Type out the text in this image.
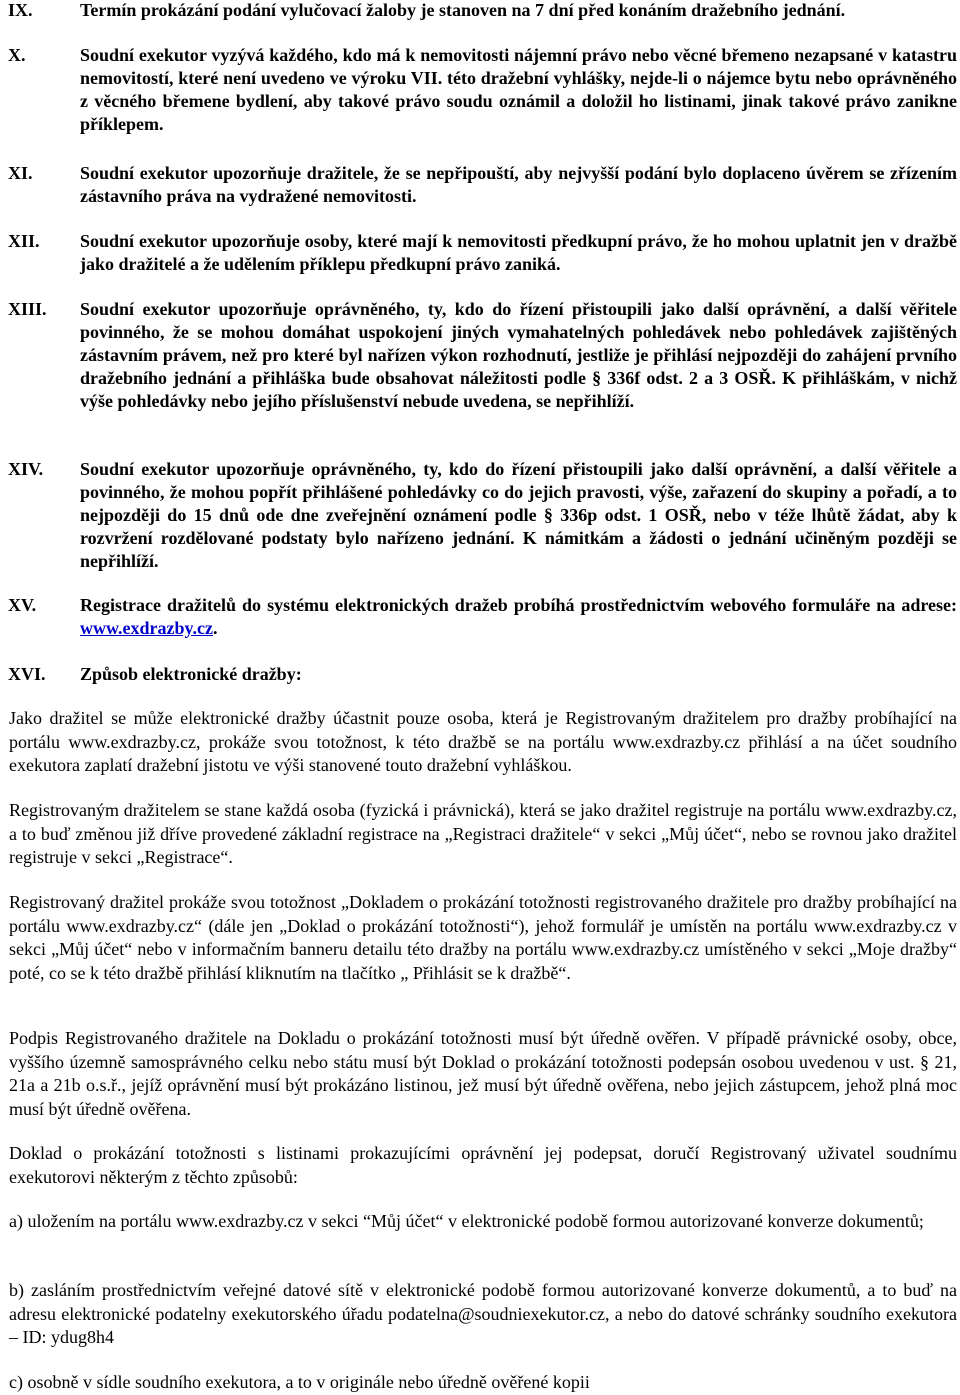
IX.	Termín prokázání podání vylučovací žaloby je stanoven na 7 dní před konáním dražebního jednání.
X.	Soudní exekutor vyzývá každého, kdo má k nemovitosti nájemní právo nebo věcné břemeno nezapsané v katastru nemovitostí, které není uvedeno ve výroku VII. této dražební vyhlášky, nejde-li o nájemce bytu nebo oprávněného z věcného břemene bydlení, aby takové právo soudu oznámil a doložil ho listinami, jinak takové právo zanikne příklepem.
XI.	Soudní exekutor upozorňuje dražitele, že se nepřipouští, aby nejvyšší podání bylo doplaceno úvěrem se zřízením zástavního práva na vydražené nemovitosti.
XII. Soudní exekutor upozorňuje osoby, které mají k nemovitosti předkupní právo, že ho mohou uplatnit jen v dražbě jako dražitelé a že udělením příklepu předkupní právo zaniká.
XIII. Soudní exekutor upozorňuje oprávněného, ty, kdo do řízení přistoupili jako další oprávnění, a další věřitele povinného, že se mohou domáhat uspokojení jiných vymahatelných pohledávek nebo pohledávek zajištěných zástavním právem, než pro které byl nařízen výkon rozhodnutí, jestliže je přihlásí nejpozději do zahájení prvního dražebního jednání a přihláška bude obsahovat náležitosti podle § 336f odst. 2 a 3 OSŘ. K přihláškám, v nichž výše pohledávky nebo jejího příslušenství nebude uvedena, se nepřihlíží.
XIV. Soudní exekutor upozorňuje oprávněného, ty, kdo do řízení přistoupili jako další oprávnění, a další věřitele a povinného, že mohou popřít přihlášené pohledávky co do jejich pravosti, výše, zařazení do skupiny a pořadí, a to nejpozději do 15 dnů ode dne zveřejnění oznámení podle § 336p odst. 1 OSŘ, nebo v téže lhůtě žádat, aby k rozvržení rozdělované podstaty bylo nařízeno jednání. K námitkám a žádosti o jednání učiněným později se nepřihlíží.
XV. Registrace dražitelů do systému elektronických dražeb probíhá prostřednictvím webového formuláře na adrese: www.exdrazby.cz.
XVI. Způsob elektronické dražby:

Jako dražitel se může elektronické dražby účastnit pouze osoba, která je Registrovaným dražitelem pro dražby probíhající na portálu www.exdrazby.cz, prokáže svou totožnost, k této dražbě se na portálu www.exdrazby.cz přihlásí a na účet soudního exekutora zaplatí dražební jistotu ve výši stanovené touto dražební vyhláškou.

Registrovaným dražitelem se stane každá osoba (fyzická i právnická), která se jako dražitel registruje na portálu www.exdrazby.cz, a to buď změnou již dříve provedené základní registrace na „Registraci dražitele“ v sekci „Můj účet“, nebo se rovnou jako dražitel registruje v sekci „Registrace“.

Registrovaný dražitel prokáže svou totožnost „Dokladem o prokázání totožnosti registrovaného dražitele pro dražby probíhající na portálu www.exdrazby.cz“ (dále jen „Doklad o prokázání totožnosti“), jehož formulář je umístěn na portálu www.exdrazby.cz v sekci „Můj účet“ nebo v informačním banneru detailu této dražby na portálu www.exdrazby.cz umístěného v sekci „Moje dražby“ poté, co se k této dražbě přihlásí kliknutím na tlačítko „ Přihlásit se k dražbě“.

Podpis Registrovaného dražitele na Dokladu o prokázání totožnosti musí být úředně ověřen. V případě právnické osoby, obce, vyššího územně samosprávného celku nebo státu musí být Doklad o prokázání totožnosti podepsán osobou uvedenou v ust. § 21, 21a a 21b o.s.ř., jejíž oprávnění musí být prokázáno listinou, jež musí být úředně ověřena, nebo jejich zástupcem, jehož plná moc musí být úředně ověřena.

Doklad o prokázání totožnosti s listinami prokazujícími oprávnění jej podepsat, doručí Registrovaný uživatel soudnímu exekutorovi některým z těchto způsobů:

a) uložením na portálu www.exdrazby.cz v sekci “Můj účet“ v elektronické podobě formou autorizované konverze dokumentů;

b) zasláním prostřednictvím veřejné datové sítě v elektronické podobě formou autorizované konverze dokumentů, a to buď na adresu elektronické podatelny exekutorského úřadu podatelna@soudniexekutor.cz, a nebo do datové schránky soudního exekutora – ID: ydug8h4

c) osobně v sídle soudního exekutora, a to v originále nebo úředně ověřené kopii
